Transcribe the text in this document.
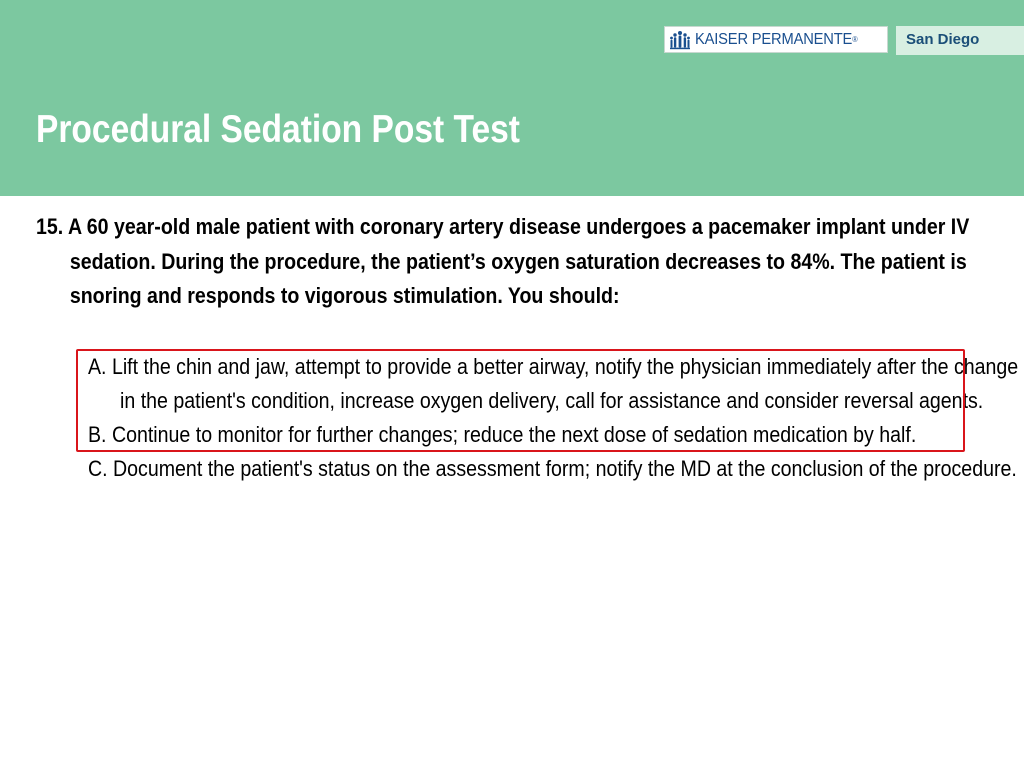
KAISER PERMANENTE®	San Diego
Procedural Sedation Post Test
15. A 60 year-old male patient with coronary artery disease undergoes a pacemaker implant under IV sedation. During the procedure, the patient’s oxygen saturation decreases to 84%. The patient is snoring and responds to vigorous stimulation. You should:
A. Lift the chin and jaw, attempt to provide a better airway, notify the physician immediately after the change in the patient's condition, increase oxygen delivery, call for assistance and consider reversal agents.
B. Continue to monitor for further changes; reduce the next dose of sedation medication by half.
C. Document the patient's status on the assessment form; notify the MD at the conclusion of the procedure.
